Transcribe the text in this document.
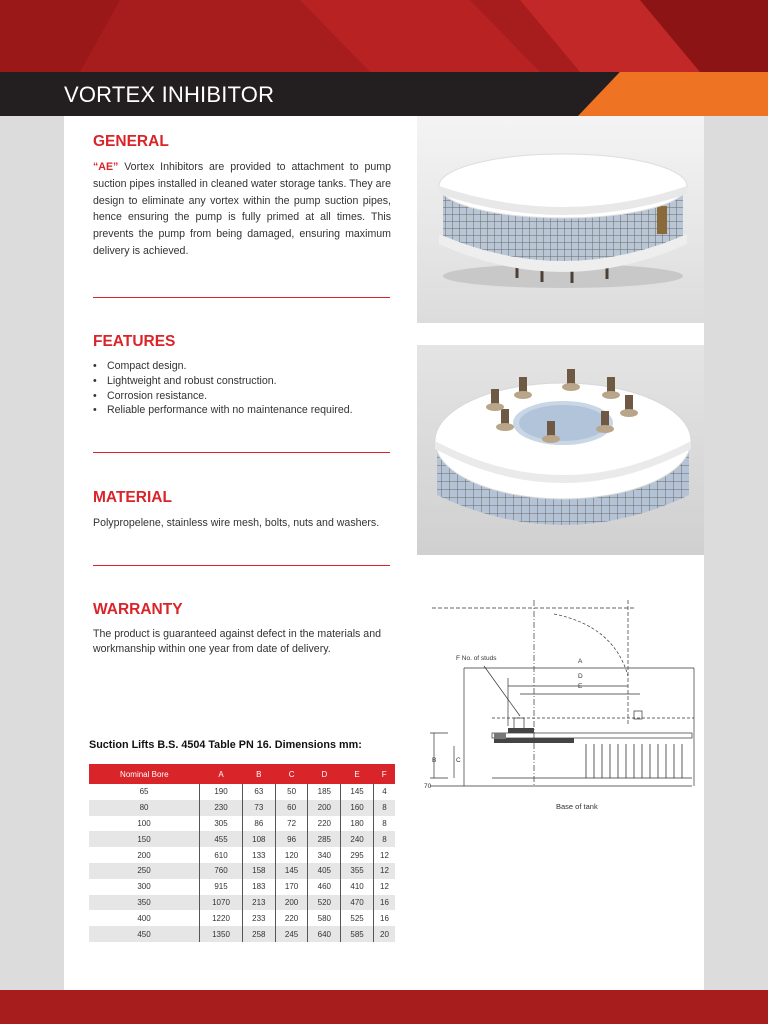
VORTEX INHIBITOR
GENERAL

“AE” Vortex Inhibitors are provided to attachment to pump suction pipes installed in cleaned water storage tanks. They are design to eliminate any vortex within the pump suction pipes, hence ensuring the pump is fully primed at all times. This prevents the pump from being damaged, ensuring maximum delivery is achieved.

FEATURES
• Compact design.
• Lightweight and robust construction.
• Corrosion resistance.
• Reliable performance with no maintenance required.
MATERIAL

Polypropelene, stainless wire mesh, bolts, nuts and washers.

WARRANTY

The product is guaranteed against defect in the materials and workmanship within one year from date of delivery.

Suction Lifts B.S. 4504 Table PN 16. Dimensions mm:
Nominal Bore	A	B	C	D	E	F
65	190	63	50	185	145	4
80	230	73	60	200	160	8
100	305	86	72	220	180	8
150	455	108	96	285	240	8
200	610	133	120	340	295	12
250	760	158	145	405	355	12
300	915	183	170	460	410	12
350	1070	213	200	520	470	16
400	1220	233	220	580	525	16
450	1350	258	245	640	585	20
F No. of studs	A
D
E
B	C
70
Base of tank
